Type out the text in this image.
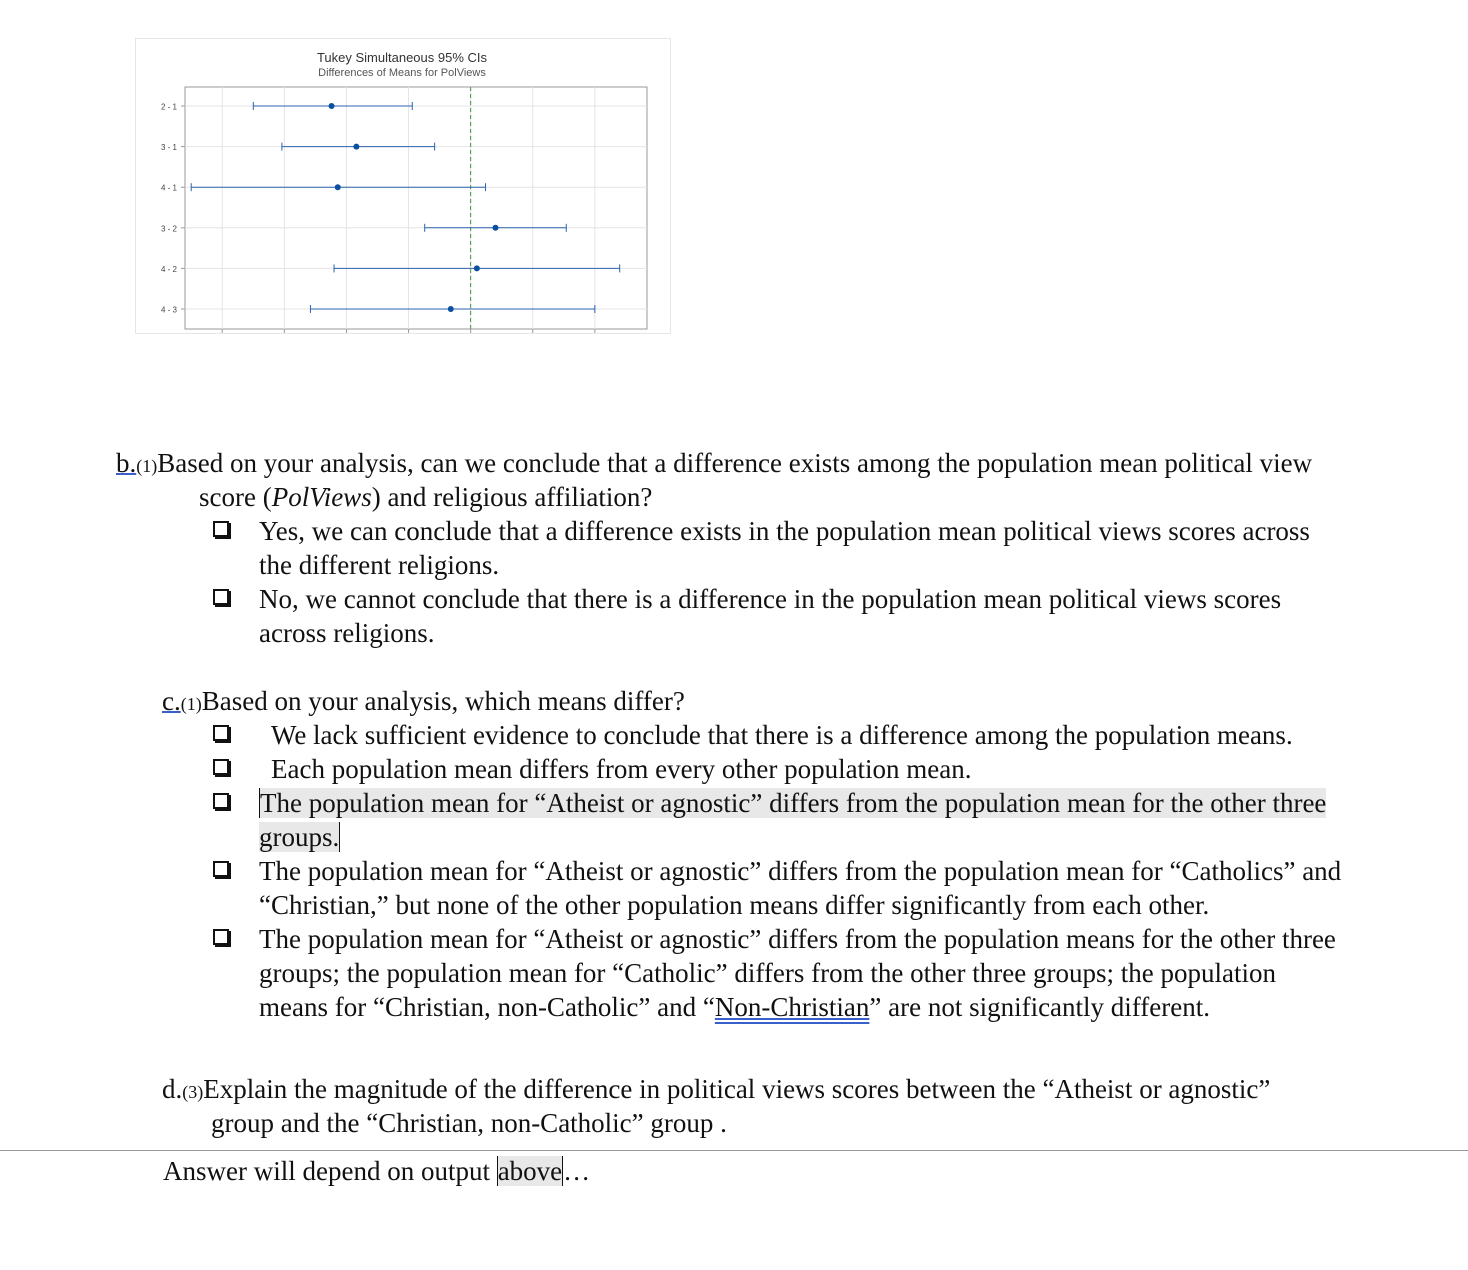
Tukey Simultaneous 95% CIs
Differences of Means for PolViews
2 - 1
3 - 1
4 - 1
3 - 2
4 - 2
4 - 3
b.(1)Based on your analysis, can we conclude that a difference exists among the population mean political view
score (PolViews) and religious affiliation?
Yes, we can conclude that a difference exists in the population mean political views scores across
the different religions.
No, we cannot conclude that there is a difference in the population mean political views scores
across religions.
c.(1)Based on your analysis, which means differ?
We lack sufficient evidence to conclude that there is a difference among the population means.
Each population mean differs from every other population mean.
The population mean for “Atheist or agnostic” differs from the population mean for the other three
groups.
The population mean for “Atheist or agnostic” differs from the population mean for “Catholics” and
“Christian,” but none of the other population means differ significantly from each other.
The population mean for “Atheist or agnostic” differs from the population means for the other three
groups; the population mean for “Catholic” differs from the other three groups; the population
means for “Christian, non-Catholic” and “Non-Christian” are not significantly different.
d.(3)Explain the magnitude of the difference in political views scores between the “Atheist or agnostic”
group and the “Christian, non-Catholic” group .
Answer will depend on output above…
